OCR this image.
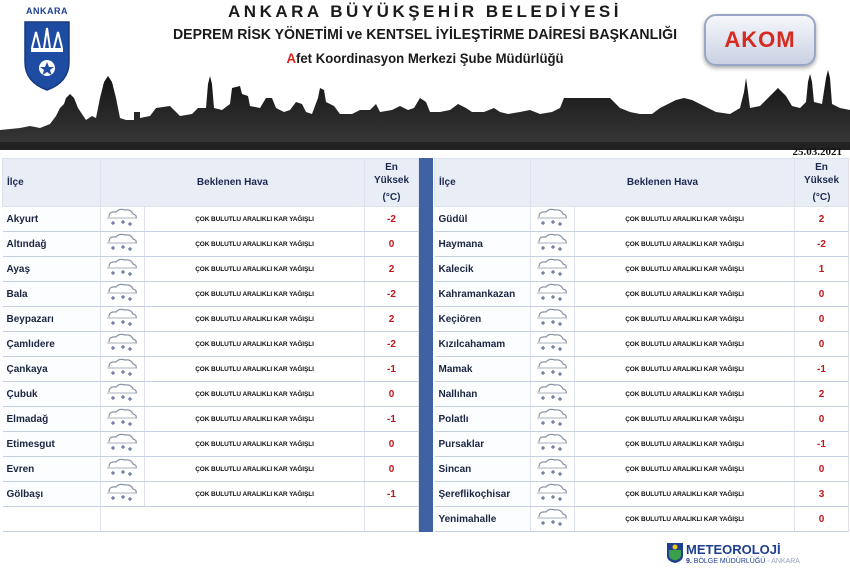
ANKARA	ANKARA BÜYÜKŞEHİR BELEDİYESİ
DEPREM RİSK YÖNETİMİ ve KENTSEL İYİLEŞTİRME DAİRESİ BAŞKANLIĞI
Afet Koordinasyon Merkezi Şube Müdürlüğü
AKOM
25.03.2021
İlçe	Beklenen Hava		En
Yüksek
(°C)

Akyurt		ÇOK BULUTLU ARALIKLI KAR YAĞIŞLI	-2
Altındağ		ÇOK BULUTLU ARALIKLI KAR YAĞIŞLI	0
Ayaş		ÇOK BULUTLU ARALIKLI KAR YAĞIŞLI	2
Bala		ÇOK BULUTLU ARALIKLI KAR YAĞIŞLI	-2
Beypazarı		ÇOK BULUTLU ARALIKLI KAR YAĞIŞLI	2
Çamlıdere		ÇOK BULUTLU ARALIKLI KAR YAĞIŞLI	-2
Çankaya		ÇOK BULUTLU ARALIKLI KAR YAĞIŞLI	-1
Çubuk		ÇOK BULUTLU ARALIKLI KAR YAĞIŞLI	0
Elmadağ		ÇOK BULUTLU ARALIKLI KAR YAĞIŞLI	-1
Etimesgut		ÇOK BULUTLU ARALIKLI KAR YAĞIŞLI	0
Evren		ÇOK BULUTLU ARALIKLI KAR YAĞIŞLI	0
Gölbaşı		ÇOK BULUTLU ARALIKLI KAR YAĞIŞLI	-1

İlçe	Beklenen Hava		En
Yüksek
(°C)

Güdül		ÇOK BULUTLU ARALIKLI KAR YAĞIŞLI	2
Haymana		ÇOK BULUTLU ARALIKLI KAR YAĞIŞLI	-2
Kalecik		ÇOK BULUTLU ARALIKLI KAR YAĞIŞLI	1
Kahramankazan		ÇOK BULUTLU ARALIKLI KAR YAĞIŞLI	0
Keçiören		ÇOK BULUTLU ARALIKLI KAR YAĞIŞLI	0
Kızılcahamam		ÇOK BULUTLU ARALIKLI KAR YAĞIŞLI	0
Mamak		ÇOK BULUTLU ARALIKLI KAR YAĞIŞLI	-1
Nallıhan		ÇOK BULUTLU ARALIKLI KAR YAĞIŞLI	2
Polatlı		ÇOK BULUTLU ARALIKLI KAR YAĞIŞLI	0
Pursaklar		ÇOK BULUTLU ARALIKLI KAR YAĞIŞLI	-1
Sincan		ÇOK BULUTLU ARALIKLI KAR YAĞIŞLI	0
Şereflikoçhisar		ÇOK BULUTLU ARALIKLI KAR YAĞIŞLI	3
Yenimahalle		ÇOK BULUTLU ARALIKLI KAR YAĞIŞLI	0
METEOROLOJİ
9. BÖLGE MÜDÜRLÜĞÜ - ANKARA
